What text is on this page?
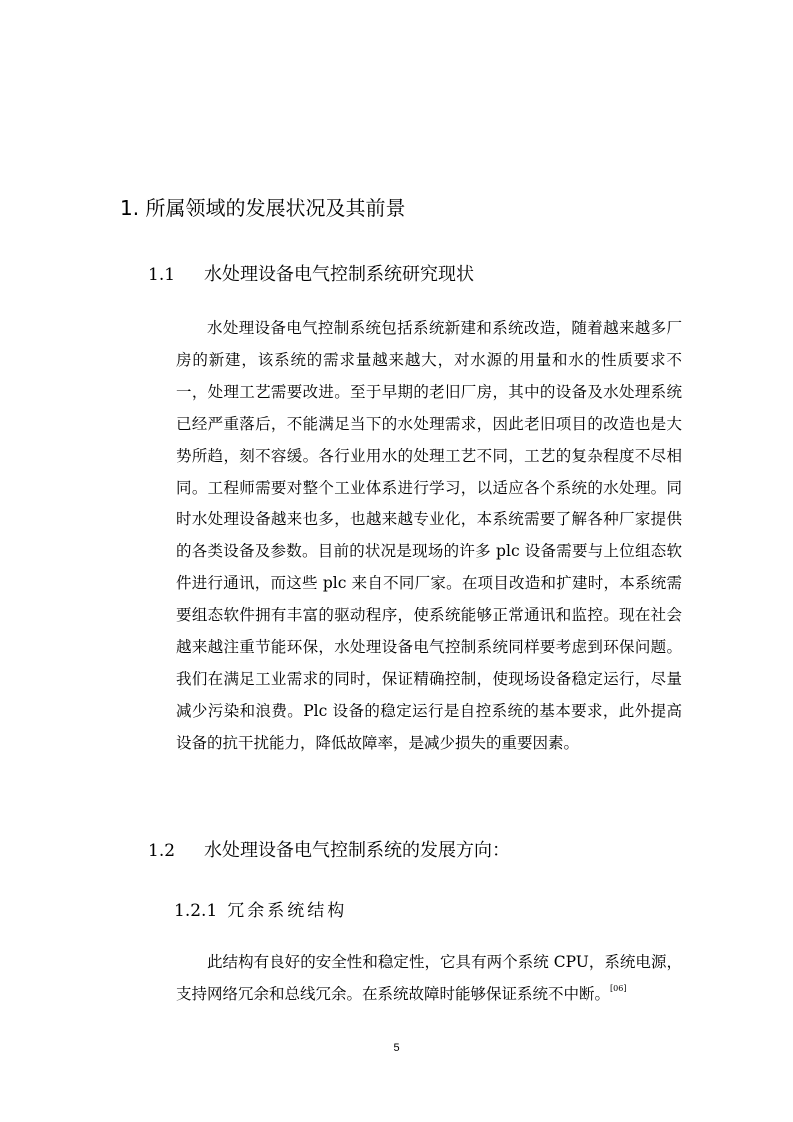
1. 所属领域的发展状况及其前景
1.1 水处理设备电气控制系统研究现状

水处理设备电气控制系统包括系统新建和系统改造，随着越来越多厂房的新建，该系统的需求量越来越大，对水源的用量和水的性质要求不一，处理工艺需要改进。至于早期的老旧厂房，其中的设备及水处理系统已经严重落后，不能满足当下的水处理需求，因此老旧项目的改造也是大势所趋，刻不容缓。各行业用水的处理工艺不同，工艺的复杂程度不尽相同。工程师需要对整个工业体系进行学习，以适应各个系统的水处理。同时水处理设备越来也多，也越来越专业化，本系统需要了解各种厂家提供的各类设备及参数。目前的状况是现场的许多 plc 设备需要与上位组态软件进行通讯，而这些 plc 来自不同厂家。在项目改造和扩建时，本系统需要组态软件拥有丰富的驱动程序，使系统能够正常通讯和监控。现在社会越来越注重节能环保，水处理设备电气控制系统同样要考虑到环保问题。我们在满足工业需求的同时，保证精确控制，使现场设备稳定运行，尽量减少污染和浪费。Plc 设备的稳定运行是自控系统的基本要求，此外提高设备的抗干扰能力，降低故障率，是减少损失的重要因素。

1.2 水处理设备电气控制系统的发展方向：
1.2.1 冗余系统结构

此结构有良好的安全性和稳定性，它具有两个系统 CPU，系统电源，支持网络冗余和总线冗余。在系统故障时能够保证系统不中断。[06]

5
